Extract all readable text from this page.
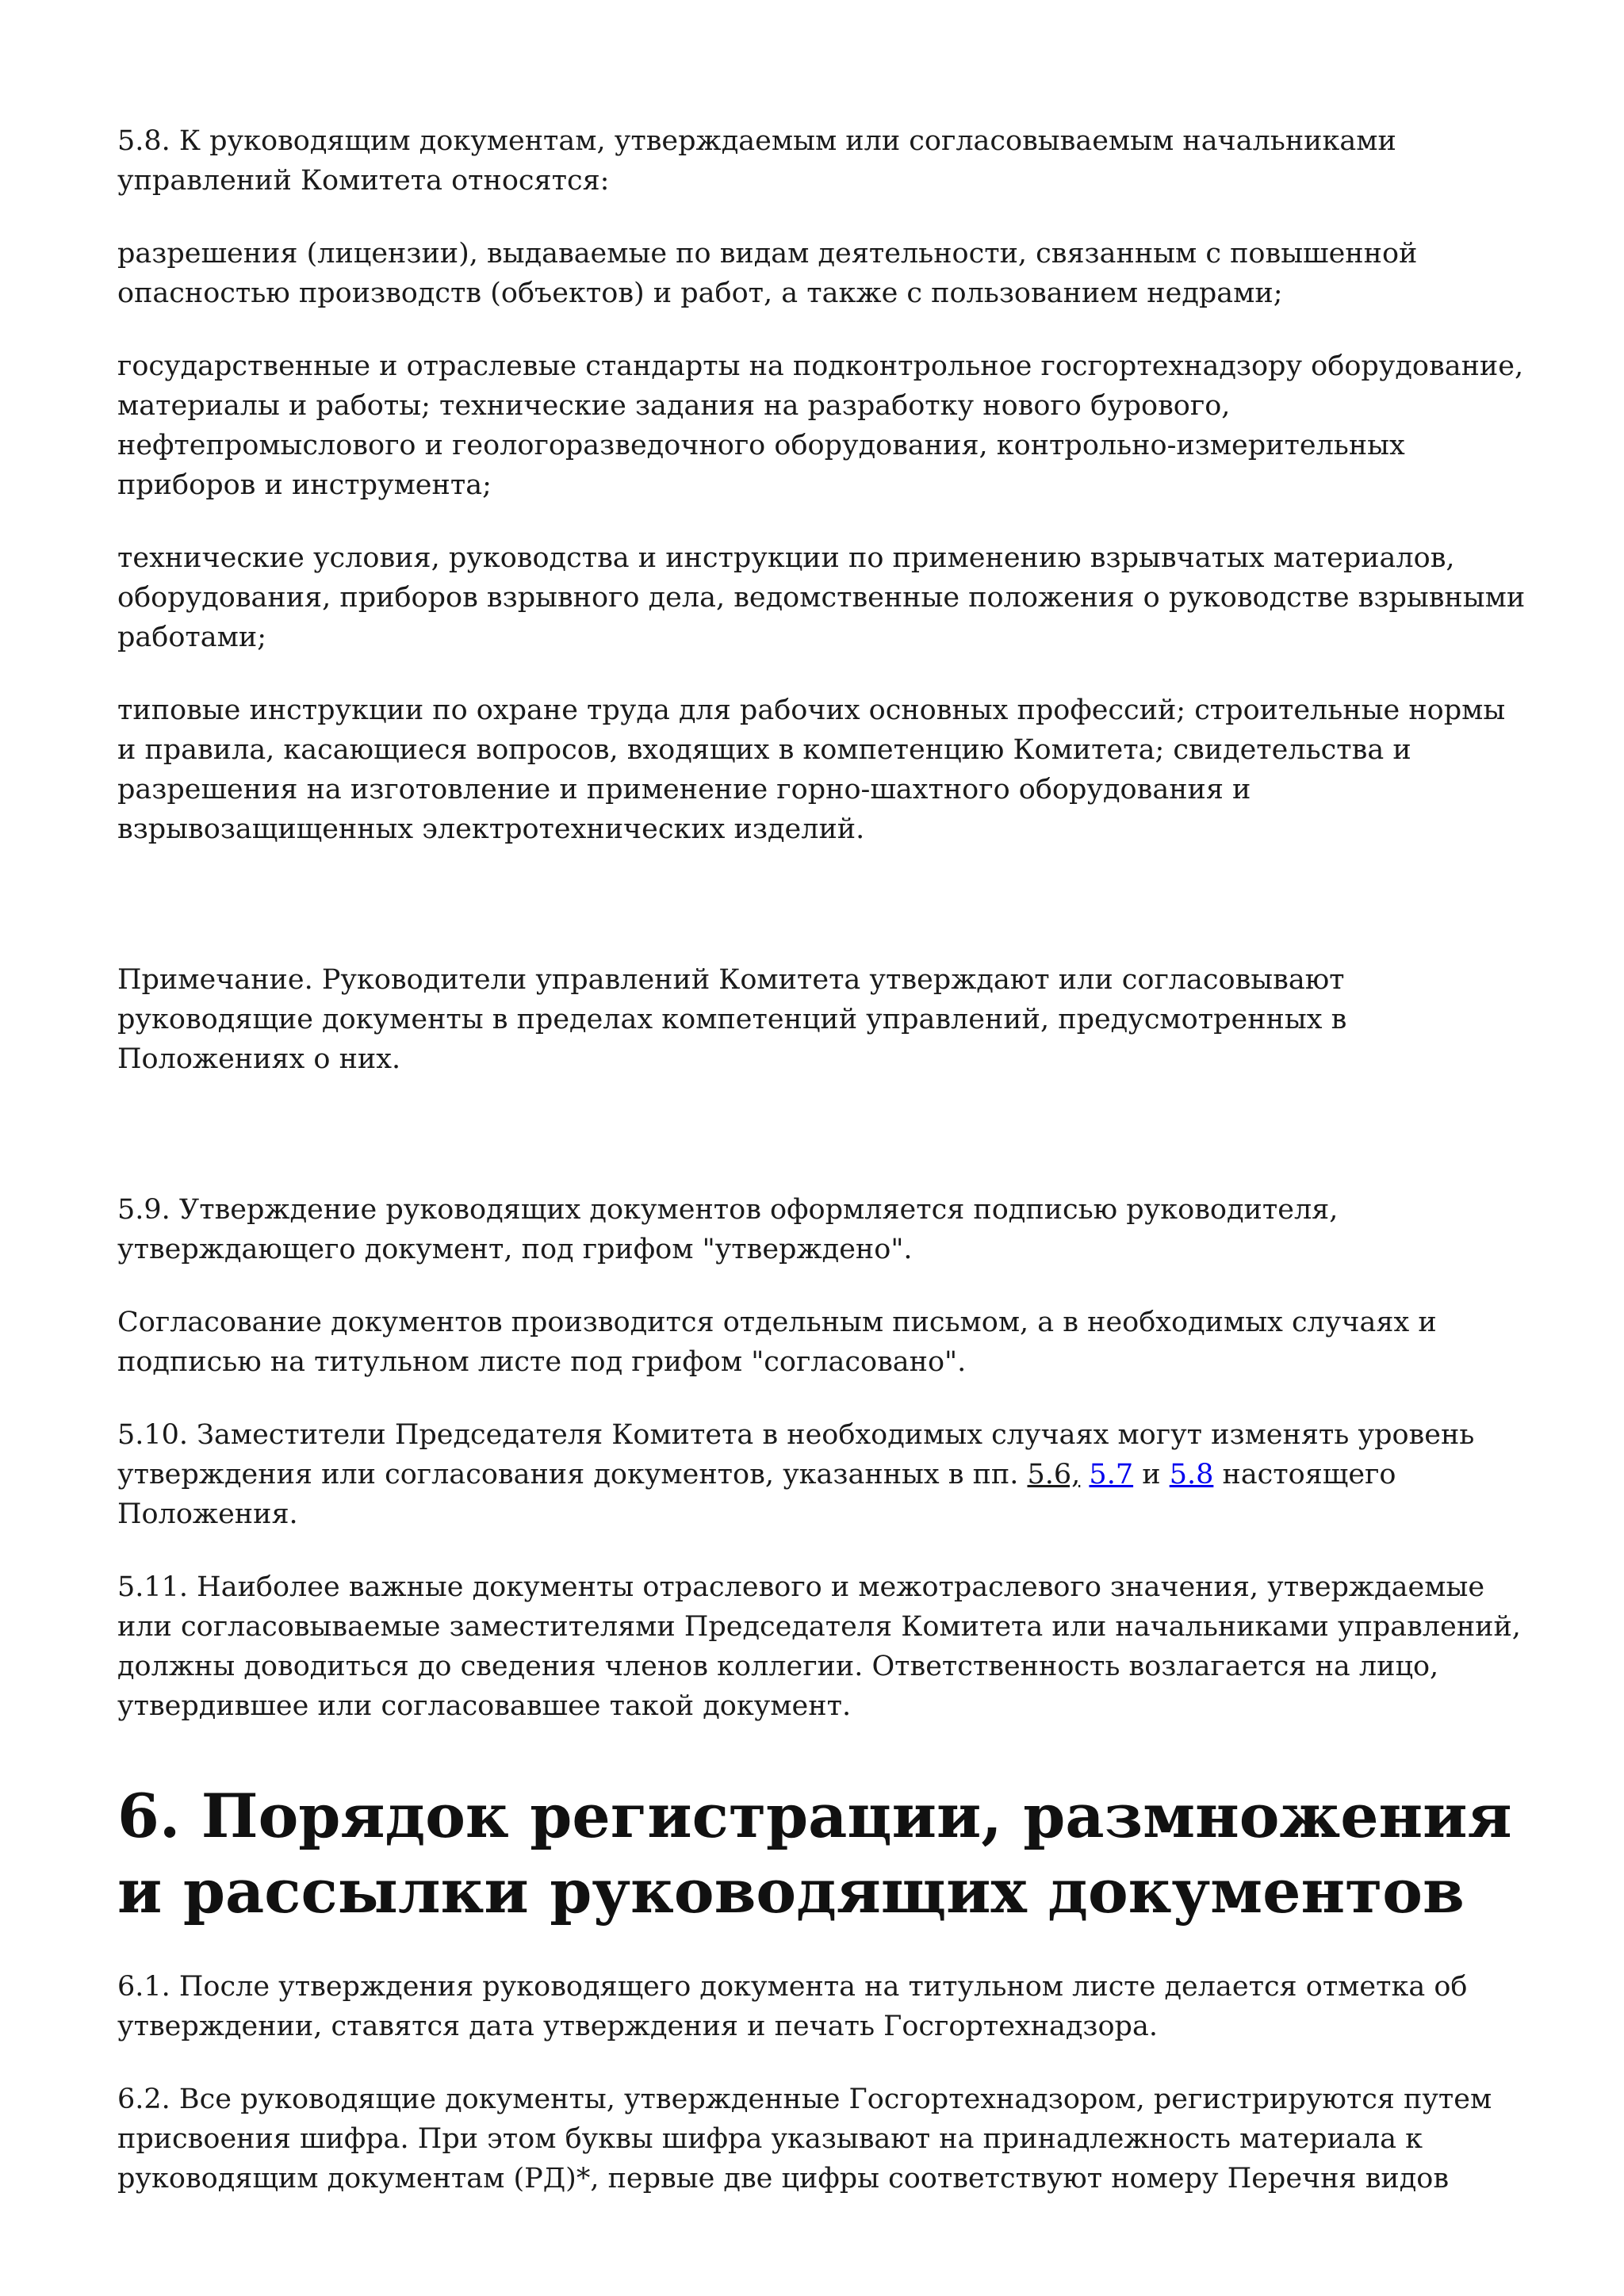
5.8. К руководящим документам, утверждаемым или согласовываемым начальниками управлений Комитета относятся:

разрешения (лицензии), выдаваемые по видам деятельности, связанным с повышенной опасностью производств (объектов) и работ, а также с пользованием недрами;

государственные и отраслевые стандарты на подконтрольное госгортехнадзору оборудование, материалы и работы; технические задания на разработку нового бурового, нефтепромыслового и геологоразведочного оборудования, контрольно-измерительных приборов и инструмента;

технические условия, руководства и инструкции по применению взрывчатых материалов, оборудования, приборов взрывного дела, ведомственные положения о руководстве взрывными работами;

типовые инструкции по охране труда для рабочих основных профессий; строительные нормы и правила, касающиеся вопросов, входящих в компетенцию Комитета; свидетельства и разрешения на изготовление и применение горно-шахтного оборудования и взрывозащищенных электротехнических изделий.

Примечание. Руководители управлений Комитета утверждают или согласовывают руководящие документы в пределах компетенций управлений, предусмотренных в Положениях о них.

5.9. Утверждение руководящих документов оформляется подписью руководителя, утверждающего документ, под грифом "утверждено".

Согласование документов производится отдельным письмом, а в необходимых случаях и подписью на титульном листе под грифом "согласовано".

5.10. Заместители Председателя Комитета в необходимых случаях могут изменять уровень утверждения или согласования документов, указанных в пп. 5.6, 5.7 и 5.8 настоящего Положения.

5.11. Наиболее важные документы отраслевого и межотраслевого значения, утверждаемые или согласовываемые заместителями Председателя Комитета или начальниками управлений, должны доводиться до сведения членов коллегии. Ответственность возлагается на лицо, утвердившее или согласовавшее такой документ.

6. Порядок регистрации, размножения и рассылки руководящих документов

6.1. После утверждения руководящего документа на титульном листе делается отметка об утверждении, ставятся дата утверждения и печать Госгортехнадзора.

6.2. Все руководящие документы, утвержденные Госгортехнадзором, регистрируются путем присвоения шифра. При этом буквы шифра указывают на принадлежность материала к руководящим документам (РД)*, первые две цифры соответствуют номеру Перечня видов
